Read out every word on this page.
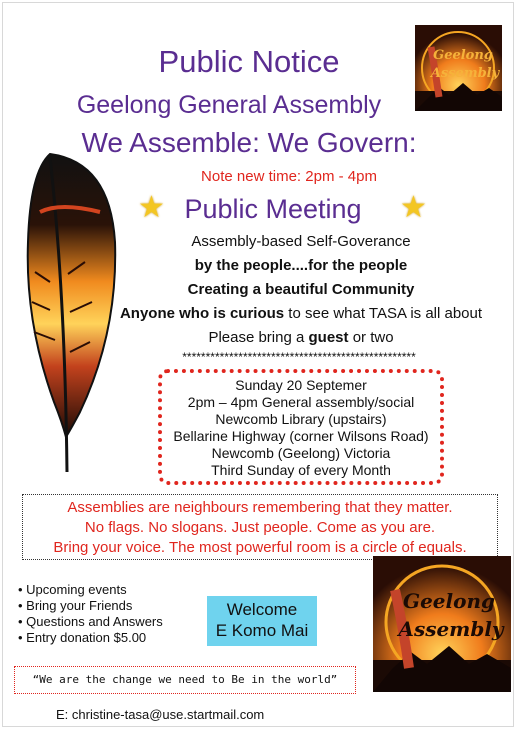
Geelong
Assembly
Public Notice
Geelong General Assembly
We Assemble: We Govern:
Note new time: 2pm - 4pm
★ Public Meeting	★
Assembly-based Self-Goverance
by the people....for the people
Creating a beautiful Community
Anyone who is curious to see what TASA is all about
Please bring a guest or two
**************************************************
Sunday 20 Septemer
2pm – 4pm General assembly/social
Newcomb Library (upstairs)
Bellarine Highway (corner Wilsons Road)
Newcomb (Geelong) Victoria
Third Sunday of every Month
Assemblies are neighbours remembering that they matter.
No flags. No slogans. Just people. Come as you are.
Bring your voice. The most powerful room is a circle of equals.
• Upcoming events
• Bring your Friends
• Questions and Answers
• Entry donation $5.00
Welcome
E Komo Mai
Geelong
Assembly
“We are the change we need to Be in the world”
E: christine-tasa@use.startmail.com
